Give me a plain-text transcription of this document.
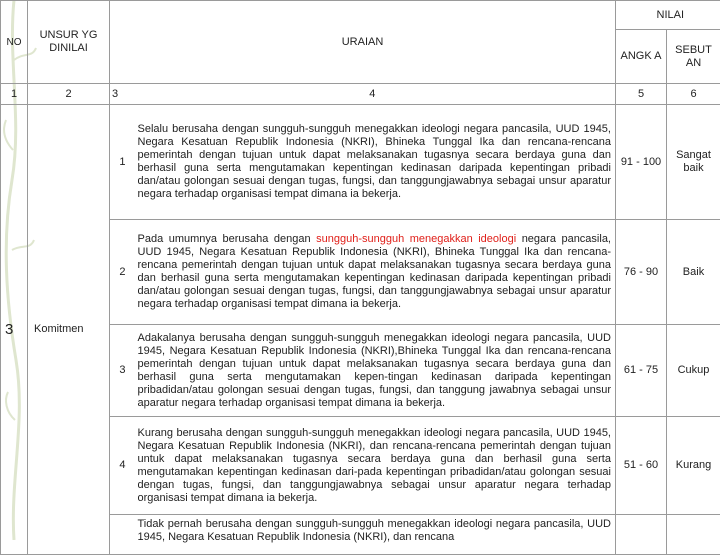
NO	UNSUR YG DINILAI	URAIAN		NILAI	
				ANGK A	SEBUT AN
1	2	3	4	5	6
3	Komitmen	1	Selalu berusaha dengan sungguh-sungguh menegakkan ideologi negara pancasila, UUD 1945, Negara Kesatuan Republik Indonesia (NKRI), Bhineka Tunggal Ika dan rencana-rencana pemerintah dengan tujuan untuk dapat melaksanakan tugasnya secara berdaya guna dan berhasil guna serta mengutamakan kepentingan kedinasan daripada kepentingan pribadi dan/atau golongan sesuai dengan tugas, fungsi, dan tanggungjawabnya sebagai unsur aparatur negara terhadap organisasi tempat dimana ia bekerja.	91 - 100	Sangat baik
		2	Pada umumnya berusaha dengan sungguh-sungguh menegakkan ideologi negara pancasila, UUD 1945, Negara Kesatuan Republik Indonesia (NKRI), Bhineka Tunggal Ika dan rencana-rencana pemerintah dengan tujuan untuk dapat melaksanakan tugasnya secara berdaya guna dan berhasil guna serta mengutamakan kepentingan kedinasan daripada kepentingan pribadi dan/atau golongan sesuai dengan tugas, fungsi, dan tanggungjawabnya sebagai unsur aparatur negara terhadap organisasi tempat dimana ia bekerja.	76 - 90	Baik
		3	Adakalanya berusaha dengan sungguh-sungguh menegakkan ideologi negara pancasila, UUD 1945, Negara Kesatuan Republik Indonesia (NKRI),Bhineka Tunggal Ika dan rencana-rencana pemerintah dengan tujuan untuk dapat melaksanakan tugasnya secara berdaya guna dan berhasil guna serta mengutamakan kepen-tingan kedinasan daripada kepentingan pribadidan/atau golongan sesuai dengan tugas, fungsi, dan tanggung jawabnya sebagai unsur aparatur negara terhadap organisasi tempat dimana ia bekerja.	61 - 75	Cukup
		4	Kurang berusaha dengan sungguh-sungguh menegakkan ideologi negara pancasila, UUD 1945, Negara Kesatuan Republik Indonesia (NKRI), dan rencana-rencana pemerintah dengan tujuan untuk dapat melaksanakan tugasnya secara berdaya guna dan berhasil guna serta mengutamakan kepentingan kedinasan dari-pada kepentingan pribadidan/atau golongan sesuai dengan tugas, fungsi, dan tanggungjawabnya sebagai unsur aparatur negara terhadap organisasi tempat dimana ia bekerja.	51 - 60	Kurang
			Tidak pernah berusaha dengan sungguh-sungguh menegakkan ideologi negara pancasila, UUD 1945, Negara Kesatuan Republik Indonesia (NKRI), dan rencana		
